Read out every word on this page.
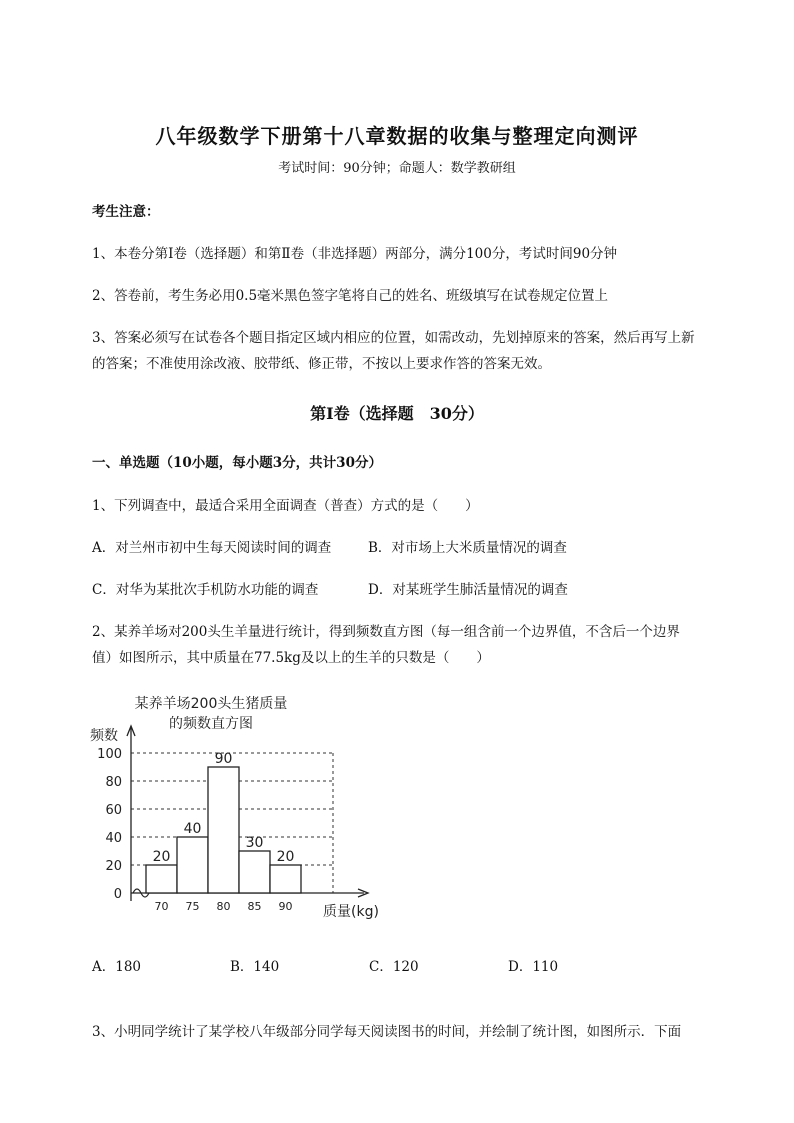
八年级数学下册第十八章数据的收集与整理定向测评
考试时间：90分钟；命题人：数学教研组
考生注意：
1、本卷分第I卷（选择题）和第Ⅱ卷（非选择题）两部分，满分100分，考试时间90分钟
2、答卷前，考生务必用0.5毫米黑色签字笔将自己的姓名、班级填写在试卷规定位置上
3、答案必须写在试卷各个题目指定区域内相应的位置，如需改动，先划掉原来的答案，然后再写上新
的答案；不准使用涂改液、胶带纸、修正带，不按以上要求作答的答案无效。
第I卷（选择题　30分）
一、单选题（10小题，每小题3分，共计30分）
1、下列调查中，最适合采用全面调查（普查）方式的是（　　）
A．对兰州市初中生每天阅读时间的调查	B．对市场上大米质量情况的调查
C．对华为某批次手机防水功能的调查	D．对某班学生肺活量情况的调查
2、某养羊场对200头生羊量进行统计，得到频数直方图（每一组含前一个边界值，不含后一个边界
值）如图所示，其中质量在77.5kg及以上的生羊的只数是（　　）
某养羊场200头生猪质量
的频数直方图
频数
0
20
40
60
80
100
20
40
90
30
20
70 75 80 85 90 质量(kg)
A．180	B．140	C．120	D．110
3、小明同学统计了某学校八年级部分同学每天阅读图书的时间，并绘制了统计图，如图所示．下面
